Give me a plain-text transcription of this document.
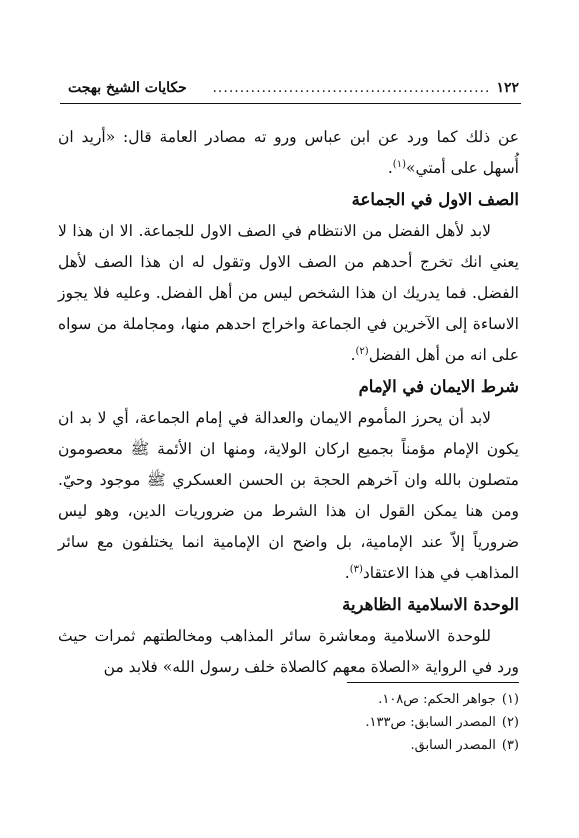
١٢٢
...................................................
حكايات الشيخ بهجت

عن ذلك كما ورد عن ابن عباس ورو ته مصادر العامة قال: «أريد ان أُسهل على أمتي»$^{(١)}$.

الصف الاول في الجماعة

لابد لأهل الفضل من الانتظام في الصف الاول للجماعة. الا ان هذا لا يعني انك تخرج أحدهم من الصف الاول وتقول له ان هذا الصف لأهل الفضل. فما يدريك ان هذا الشخص ليس من أهل الفضل. وعليه فلا يجوز الاساءة إلى الآخرين في الجماعة واخراج احدهم منها، ومجاملة من سواه على انه من أهل الفضل$^{(٢)}$.

شرط الايمان في الإمام

لابد أن يحرز المأموم الايمان والعدالة في إمام الجماعة، أي لا بد ان يكون الإمام مؤمناً بجميع اركان الولاية، ومنها ان الأئمة ﷺ معصومون متصلون بالله وان آخرهم الحجة بن الحسن العسكري ﷺ موجود وحيّ. ومن هنا يمكن القول ان هذا الشرط من ضروريات الدين، وهو ليس ضرورياً إلاّ عند الإمامية، بل واضح ان الإمامية انما يختلفون مع سائر المذاهب في هذا الاعتقاد$^{(٣)}$.

الوحدة الاسلامية الظاهرية

للوحدة الاسلامية ومعاشرة سائر المذاهب ومخالطتهم ثمرات حيث ورد في الرواية «الصلاة معهم كالصلاة خلف رسول الله» فلابد من

(١)جواهر الحكم: ص١٠٨.
(٢)المصدر السابق: ص١٣٣.
(٣)المصدر السابق.
